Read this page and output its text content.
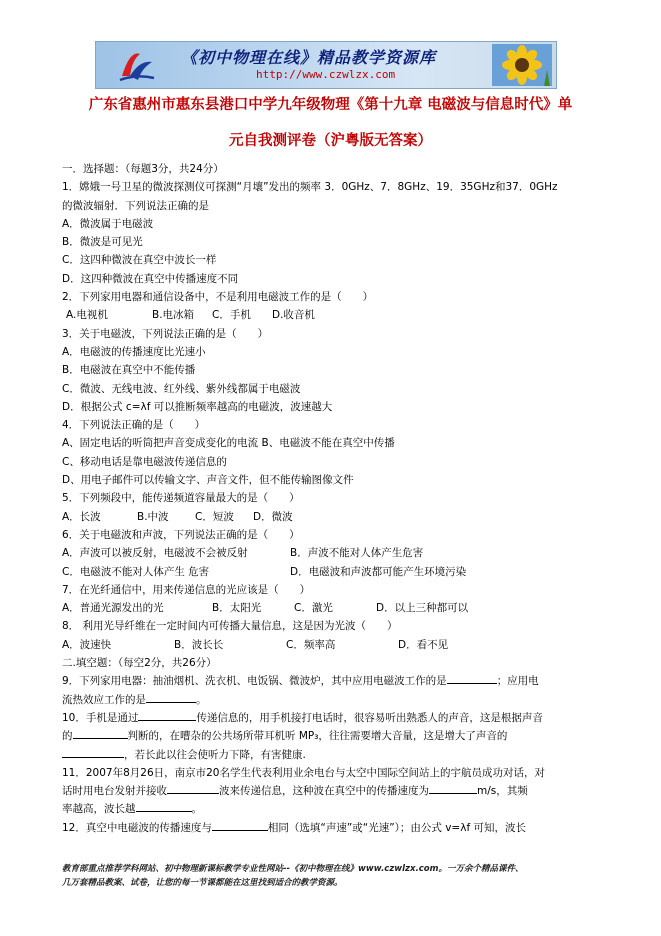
《初中物理在线》精品教学资源库
http://www.czwlzx.com
广东省惠州市惠东县港口中学九年级物理《第十九章 电磁波与信息时代》单
元自我测评卷（沪粤版无答案）
一．选择题：（每题3分，共24分）
1．嫦娥一号卫星的微波探测仪可探测“月壤”发出的频率 3．0GHz、7．8GHz、19．35GHz和37．0GHz
的微波辐射．下列说法正确的是
A．微波属于电磁波
B．微波是可见光
C．这四种微波在真空中波长一样
D．这四种微波在真空中传播速度不同
2．下列家用电器和通信设备中，不是利用电磁波工作的是（　　）
A.电视机	B.电冰箱 C．手机 D.收音机
3．关于电磁波，下列说法正确的是（　　）
A．电磁波的传播速度比光速小
B．电磁波在真空中不能传播
C．微波、无线电波、红外线、紫外线都属于电磁波
D．根据公式 c=λf 可以推断频率越高的电磁波，波速越大
4．下列说法正确的是（　　）
A、固定电话的听筒把声音变成变化的电流 B、电磁波不能在真空中传播
C、移动电话是靠电磁波传递信息的
D、用电子邮件可以传输文字、声音文件，但不能传输图像文件
5．下列频段中，能传递频道容量最大的是（　　）
A．长波	B.中波	C．短波 D．微波
6．关于电磁波和声波，下列说法正确的是（　　）
A．声波可以被反射，电磁波不会被反射	B．声波不能对人体产生危害
C．电磁波不能对人体产生 危害	D．电磁波和声波都可能产生环境污染
7．在光纤通信中，用来传递信息的光应该是（　　）
A．普通光源发出的光	B．太阳光	C．激光	D．以上三种都可以
8． 利用光导纤维在一定时间内可传播大量信息，这是因为光波（　　）
A．波速快	B．波长长	C．频率高	D．看不见
二.填空题：（每空2分，共26分）
9．下列家用电器：抽油烟机、洗衣机、电饭锅、微波炉，其中应用电磁波工作的是	；应用电
流热效应工作的是	。
10．手机是通过	传递信息的，用手机接打电话时，很容易听出熟悉人的声音，这是根据声音
的	判断的，在嘈杂的公共场所带耳机听 MP₃，往往需要增大音量，这是增大了声音的
，若长此以往会使听力下降，有害健康.
11．2007年8月26日，南京市20名学生代表利用业余电台与太空中国际空间站上的宇航员成功对话，对
话时用电台发射并接收	波来传递信息，这种波在真空中的传播速度为	m/s，其频
率越高，波长越	。
12．真空中电磁波的传播速度与	相同（选填“声速”或“光速”）；由公式 v=λf 可知，波长
教育部重点推荐学科网站、初中物理新课标教学专业性网站--《初中物理在线》www.czwlzx.com。一万余个精品课件、
几万套精品教案、试卷，让您的每一节课都能在这里找到适合的教学资源。
